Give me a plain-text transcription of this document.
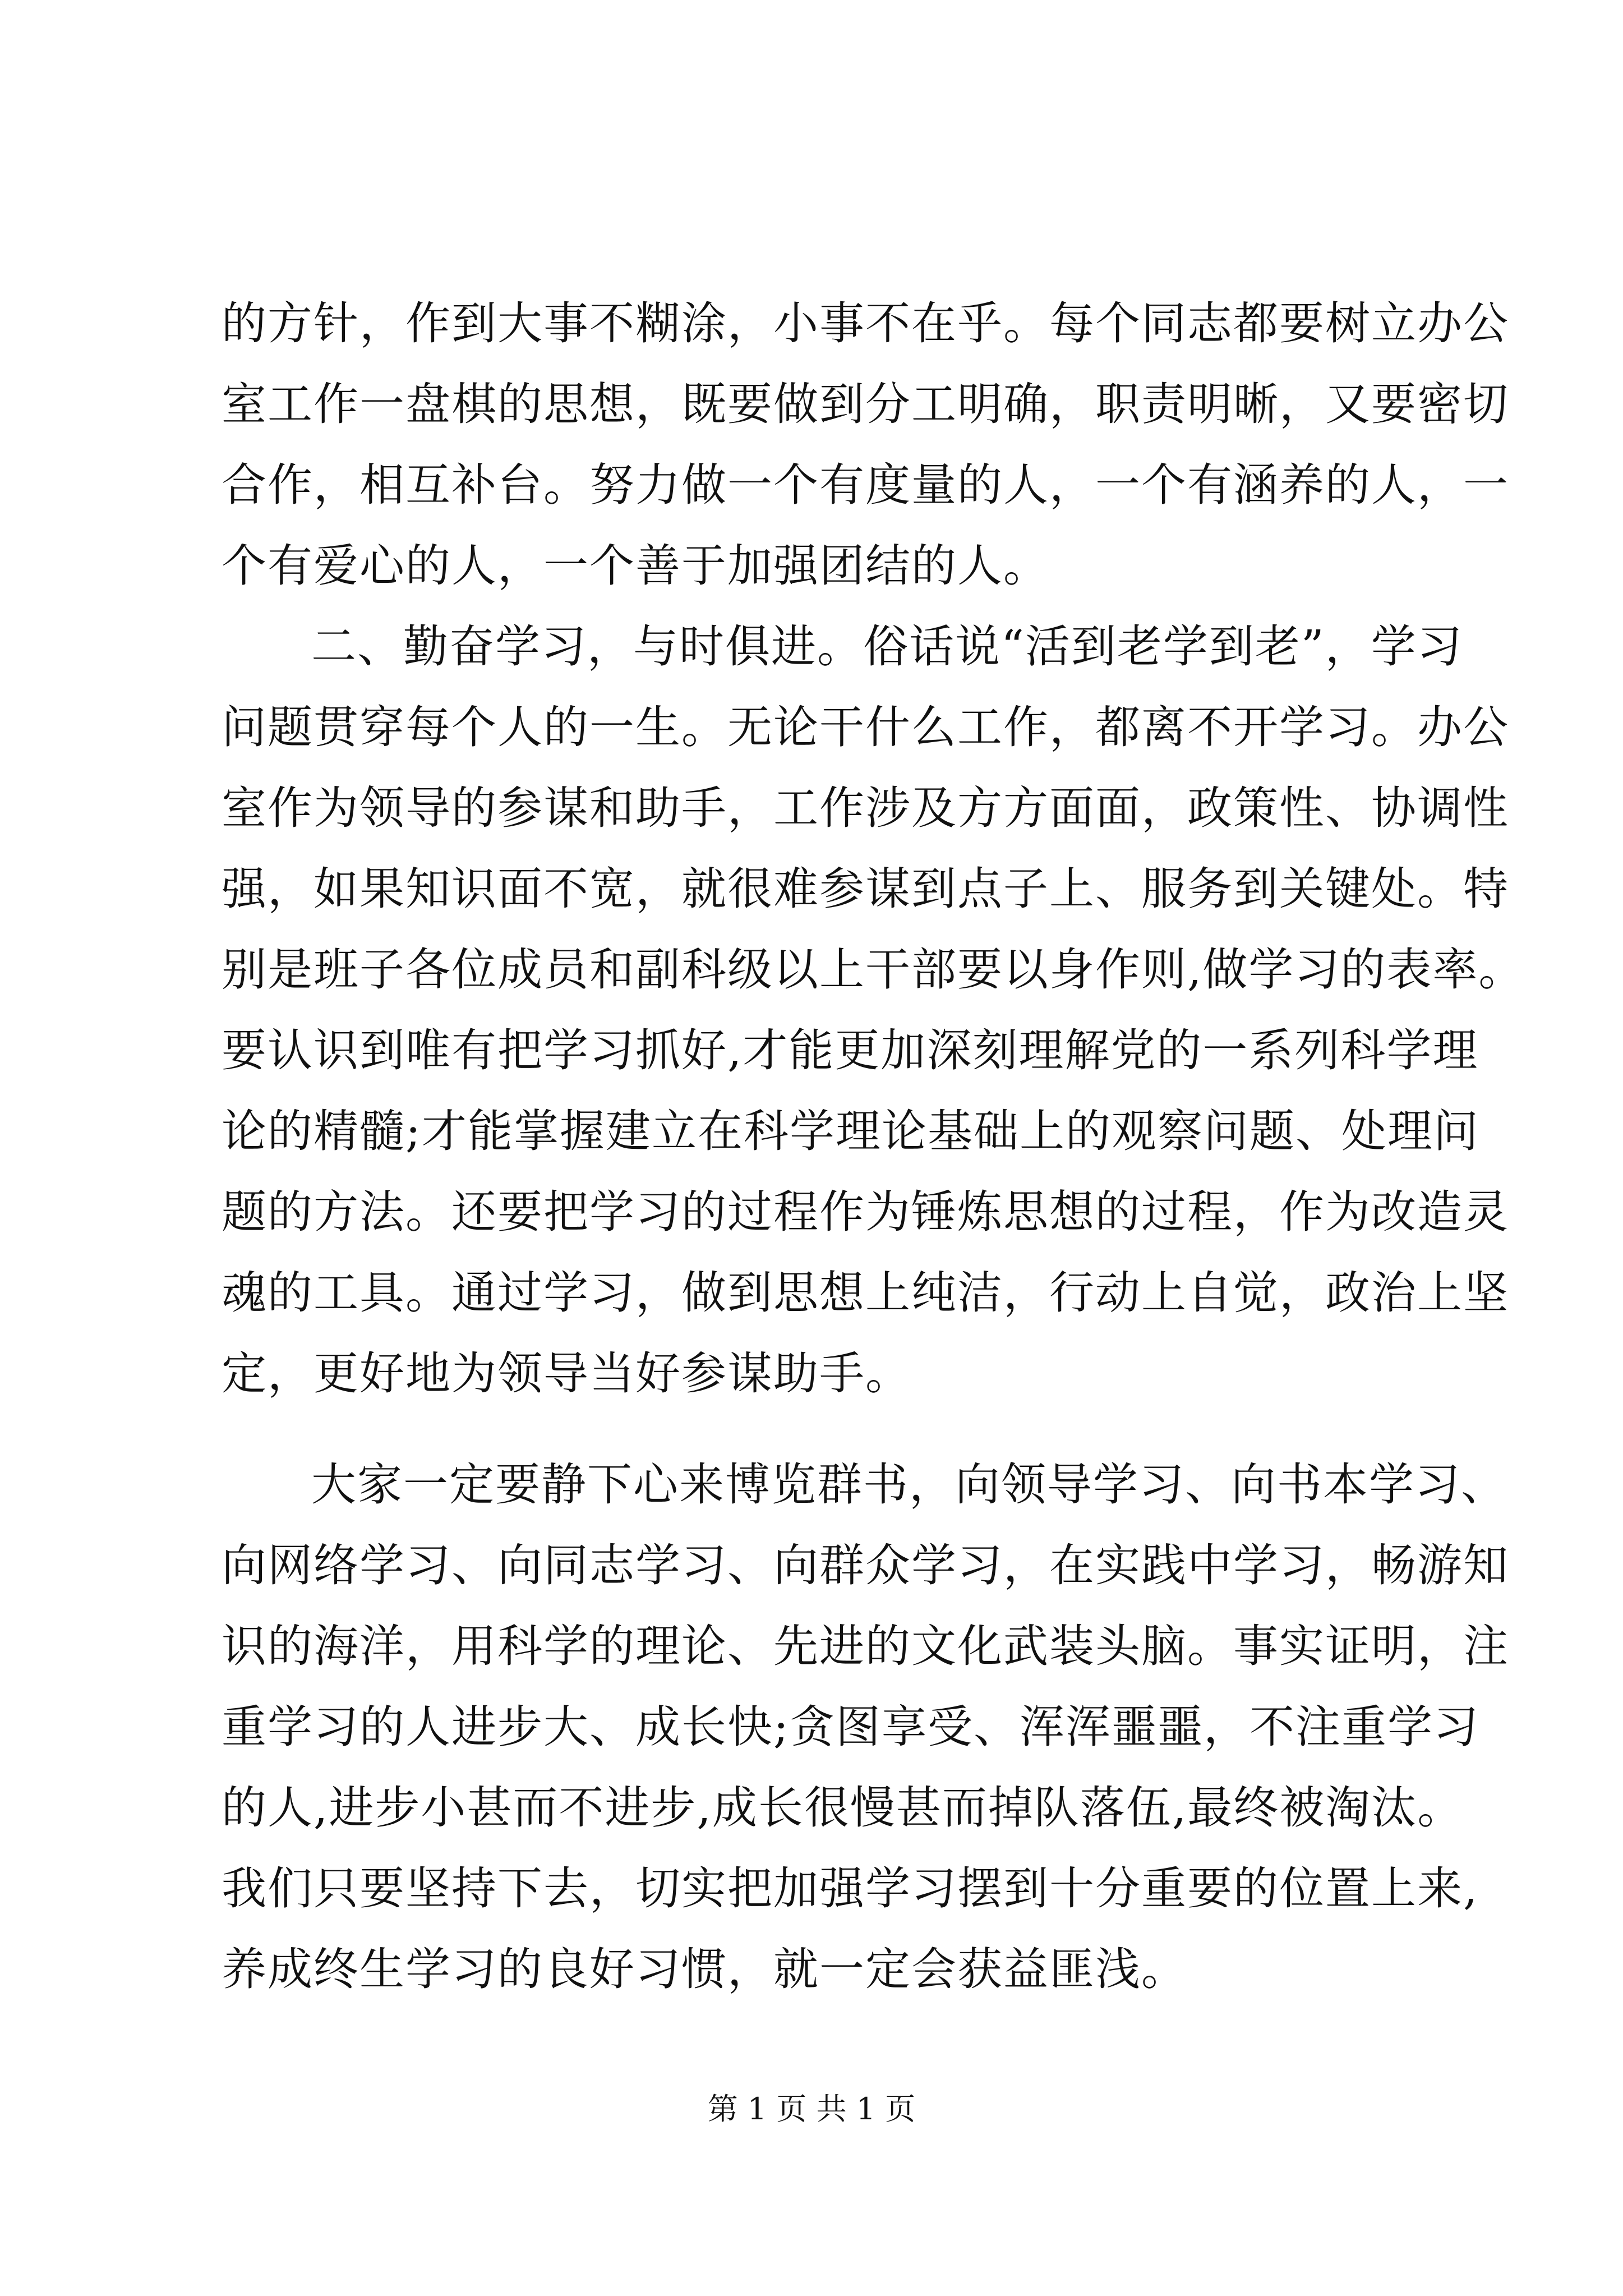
的方针，作到大事不糊涂，小事不在乎。每个同志都要树立办公
室工作一盘棋的思想，既要做到分工明确，职责明晰，又要密切
合作，相互补台。努力做一个有度量的人，一个有涵养的人，一
个有爱心的人，一个善于加强团结的人。
二、勤奋学习，与时俱进。俗话说“活到老学到老”，学习
问题贯穿每个人的一生。无论干什么工作，都离不开学习。办公
室作为领导的参谋和助手，工作涉及方方面面，政策性、协调性
强，如果知识面不宽，就很难参谋到点子上、服务到关键处。特
别是班子各位成员和副科级以上干部要以身作则,做学习的表率。
要认识到唯有把学习抓好,才能更加深刻理解党的一系列科学理
论的精髓;才能掌握建立在科学理论基础上的观察问题、处理问
题的方法。还要把学习的过程作为锤炼思想的过程，作为改造灵
魂的工具。通过学习，做到思想上纯洁，行动上自觉，政治上坚
定，更好地为领导当好参谋助手。
大家一定要静下心来博览群书，向领导学习、向书本学习、
向网络学习、向同志学习、向群众学习，在实践中学习，畅游知
识的海洋，用科学的理论、先进的文化武装头脑。事实证明，注
重学习的人进步大、成长快;贪图享受、浑浑噩噩，不注重学习
的人,进步小甚而不进步,成长很慢甚而掉队落伍,最终被淘汰。
我们只要坚持下去，切实把加强学习摆到十分重要的位置上来,
养成终生学习的良好习惯，就一定会获益匪浅。
第 1 页 共 1 页
